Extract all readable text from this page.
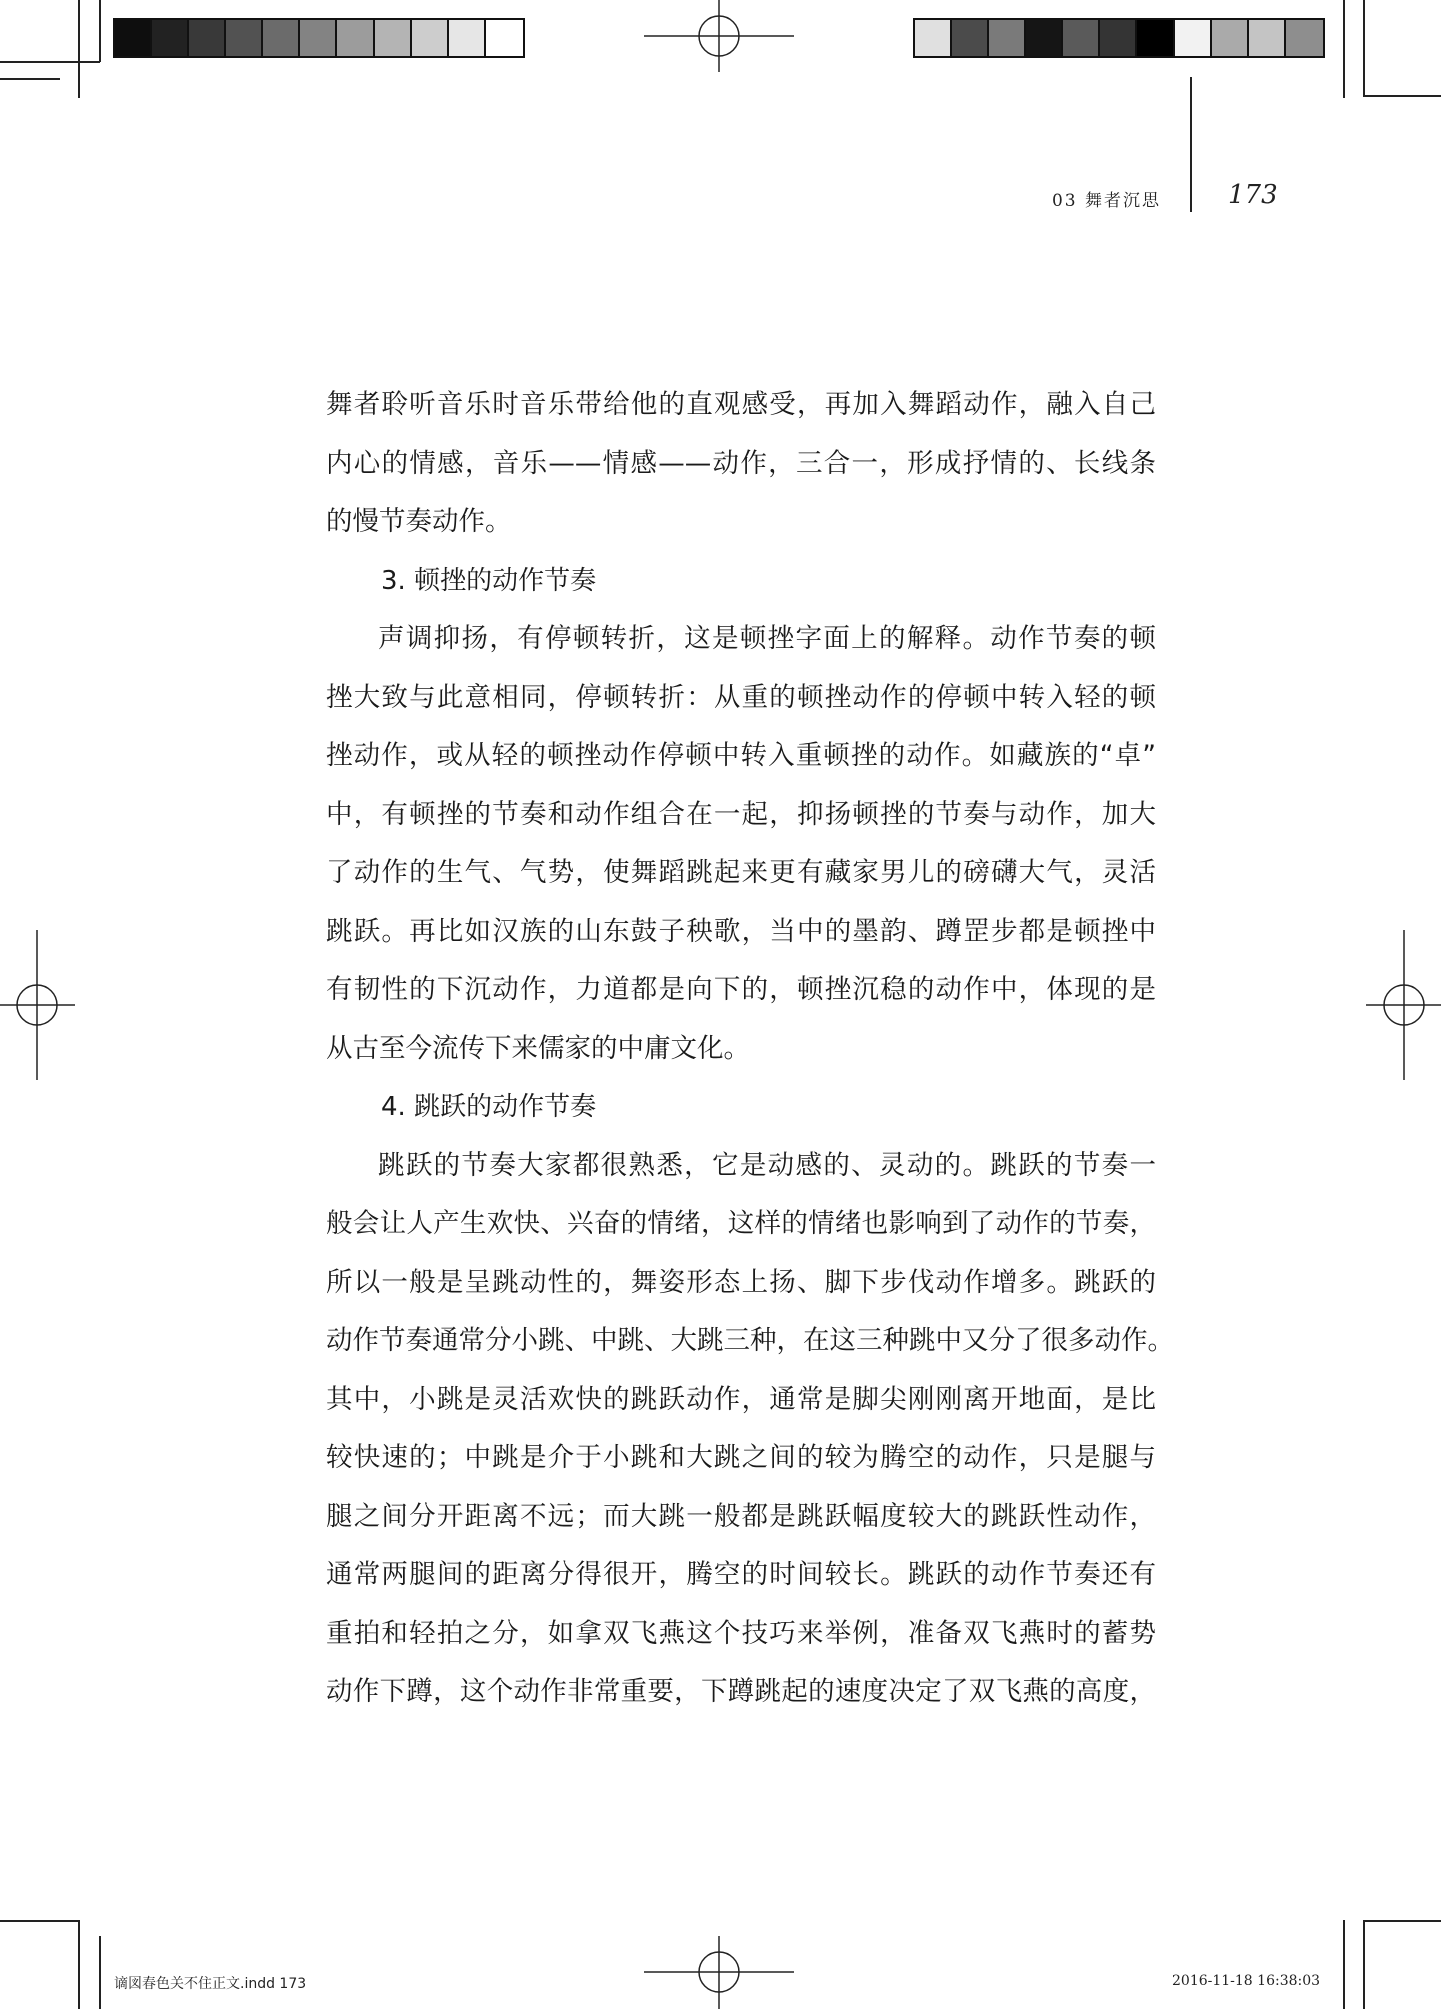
03 舞者沉思	173
舞者聆听音乐时音乐带给他的直观感受，再加入舞蹈动作，融入自己
内心的情感，音乐——情感——动作，三合一，形成抒情的、长线条
的慢节奏动作。
3. 顿挫的动作节奏
声调抑扬，有停顿转折，这是顿挫字面上的解释。动作节奏的顿
挫大致与此意相同，停顿转折：从重的顿挫动作的停顿中转入轻的顿
挫动作，或从轻的顿挫动作停顿中转入重顿挫的动作。如藏族的“卓”
中，有顿挫的节奏和动作组合在一起，抑扬顿挫的节奏与动作，加大
了动作的生气、气势，使舞蹈跳起来更有藏家男儿的磅礴大气，灵活
跳跃。再比如汉族的山东鼓子秧歌，当中的墨韵、蹲罡步都是顿挫中
有韧性的下沉动作，力道都是向下的，顿挫沉稳的动作中，体现的是
从古至今流传下来儒家的中庸文化。
4. 跳跃的动作节奏
跳跃的节奏大家都很熟悉，它是动感的、灵动的。跳跃的节奏一
般会让人产生欢快、兴奋的情绪，这样的情绪也影响到了动作的节奏，
所以一般是呈跳动性的，舞姿形态上扬、脚下步伐动作增多。跳跃的
动作节奏通常分小跳、中跳、大跳三种，在这三种跳中又分了很多动作。
其中，小跳是灵活欢快的跳跃动作，通常是脚尖刚刚离开地面，是比
较快速的；中跳是介于小跳和大跳之间的较为腾空的动作，只是腿与
腿之间分开距离不远；而大跳一般都是跳跃幅度较大的跳跃性动作，
通常两腿间的距离分得很开，腾空的时间较长。跳跃的动作节奏还有
重拍和轻拍之分，如拿双飞燕这个技巧来举例，准备双飞燕时的蓄势
动作下蹲，这个动作非常重要，下蹲跳起的速度决定了双飞燕的高度，
谪図春色关不住正文.indd 173	2016-11-18 16:38:03
